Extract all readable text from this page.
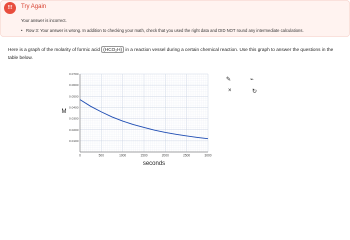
!!!	Try Again
Your answer is incorrect.
• Row 3: Your answer is wrong. In addition to checking your math, check that you used the right data and DID NOT round any intermediate calculations.
Here is a graph of the molarity of formic acid (HCO₂H) in a reaction vessel during a certain chemical reaction. Use this graph to answer the questions in the table below.
0	500	1000	1500	2000	2500	3000
0.0100
0.0200
0.0300
0.0400
0.0500
0.0600
0.0700
seconds
M
✎	⌁
×	↻
